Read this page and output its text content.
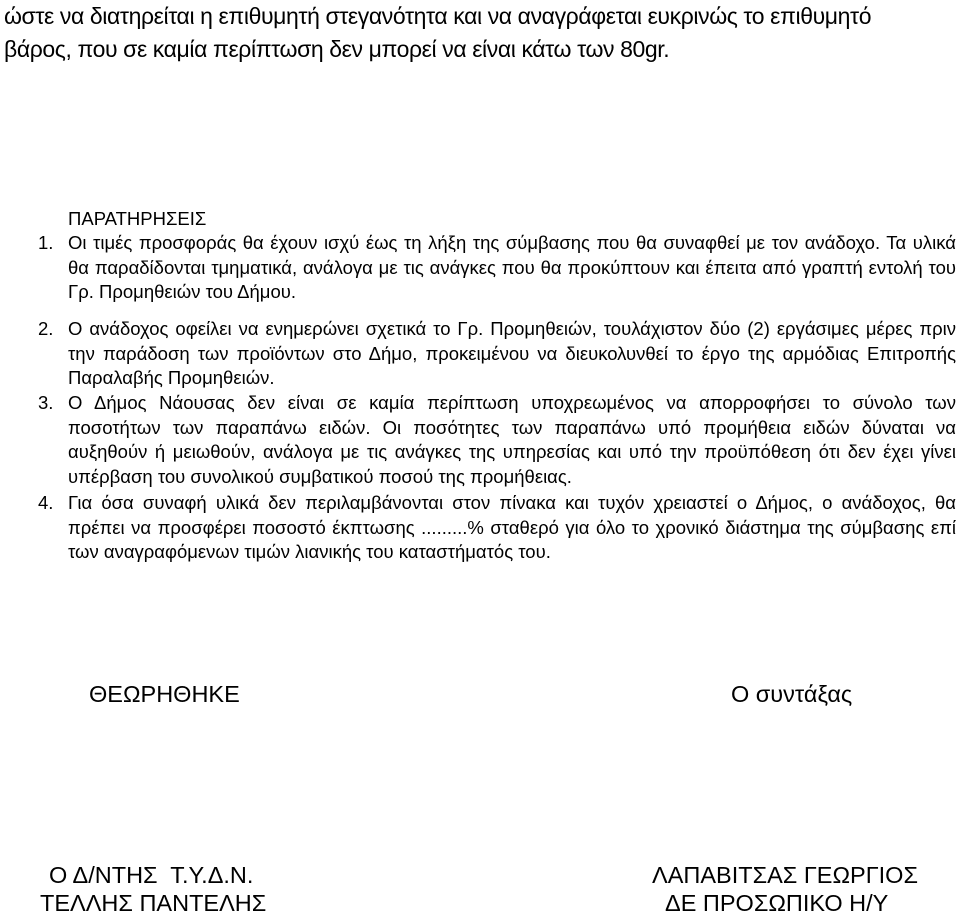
ώστε να διατηρείται η επιθυμητή στεγανότητα και να αναγράφεται ευκρινώς το επιθυμητό
βάρος, που σε καμία περίπτωση δεν μπορεί να είναι κάτω των 80gr.
ΠΑΡΑΤΗΡΗΣΕΙΣ
1. Οι τιμές προσφοράς θα έχουν ισχύ έως τη λήξη της σύμβασης που θα συναφθεί με τον ανάδοχο. Τα υλικά θα παραδίδονται τμηματικά, ανάλογα με τις ανάγκες που θα προκύπτουν και έπειτα από γραπτή εντολή του Γρ. Προμηθειών του Δήμου.
2. Ο ανάδοχος οφείλει να ενημερώνει σχετικά το Γρ. Προμηθειών, τουλάχιστον δύο (2) εργάσιμες μέρες πριν την παράδοση των προϊόντων στο Δήμο, προκειμένου να διευκολυνθεί το έργο της αρμόδιας Επιτροπής Παραλαβής Προμηθειών.
3. Ο Δήμος Νάουσας δεν είναι σε καμία περίπτωση υποχρεωμένος να απορροφήσει το σύνολο των ποσοτήτων των παραπάνω ειδών. Οι ποσότητες των παραπάνω υπό προμήθεια ειδών δύναται να αυξηθούν ή μειωθούν, ανάλογα με τις ανάγκες της υπηρεσίας και υπό την προϋπόθεση ότι δεν έχει γίνει υπέρβαση του συνολικού συμβατικού ποσού της προμήθειας.
4. Για όσα συναφή υλικά δεν περιλαμβάνονται στον πίνακα και τυχόν χρειαστεί ο Δήμος, ο ανάδοχος, θα πρέπει να προσφέρει ποσοστό έκπτωσης .........% σταθερό για όλο το χρονικό διάστημα της σύμβασης επί των αναγραφόμενων τιμών λιανικής του καταστήματός του.
ΘΕΩΡΗΘΗΚΕ	Ο συντάξας
Ο Δ/ΝΤΗΣ  Τ.Υ.Δ.Ν.
ΤΕΛΛΗΣ ΠΑΝΤΕΛΗΣ
ΛΑΠΑΒΙΤΣΑΣ ΓΕΩΡΓΙΟΣ
ΔΕ ΠΡΟΣΩΠΙΚΟ Η/Υ
